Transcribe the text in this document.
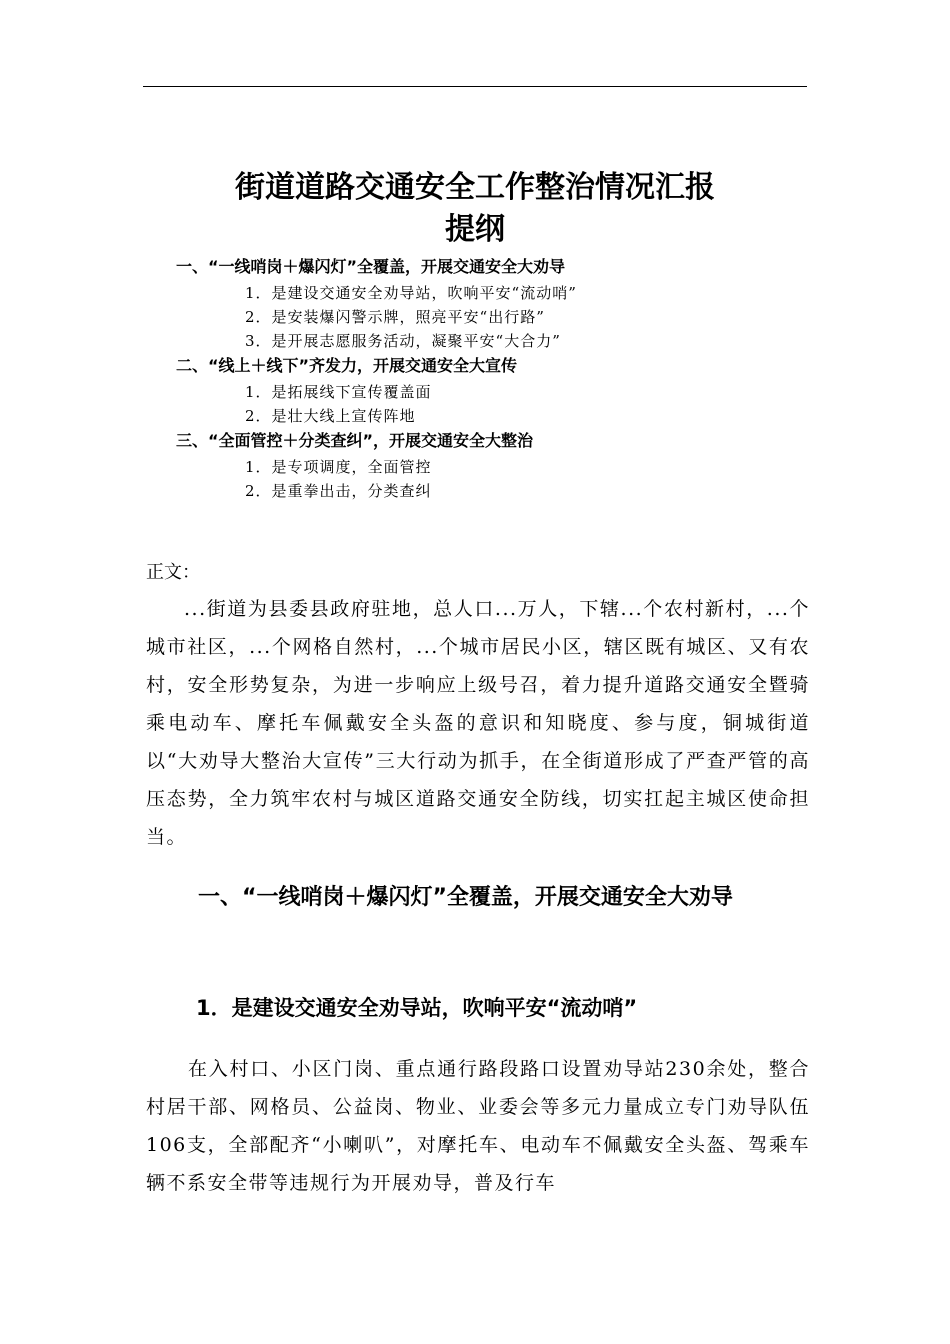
街道道路交通安全工作整治情况汇报
提纲
一、“一线哨岗＋爆闪灯”全覆盖，开展交通安全大劝导
1．是建设交通安全劝导站，吹响平安“流动哨”
2．是安装爆闪警示牌，照亮平安“出行路”
3．是开展志愿服务活动，凝聚平安“大合力”
二、“线上＋线下”齐发力，开展交通安全大宣传
1．是拓展线下宣传覆盖面
2．是壮大线上宣传阵地
三、“全面管控＋分类查纠”，开展交通安全大整治
1．是专项调度，全面管控
2．是重拳出击，分类查纠
正文：
...街道为县委县政府驻地，总人口...万人，下辖...个农村新村，...个城市社区，...个网格自然村，...个城市居民小区，辖区既有城区、又有农村，安全形势复杂，为进一步响应上级号召，着力提升道路交通安全暨骑乘电动车、摩托车佩戴安全头盔的意识和知晓度、参与度，铜城街道以“大劝导大整治大宣传”三大行动为抓手，在全街道形成了严查严管的高压态势，全力筑牢农村与城区道路交通安全防线，切实扛起主城区使命担当。
一、“一线哨岗＋爆闪灯”全覆盖，开展交通安全大劝导
1．是建设交通安全劝导站，吹响平安“流动哨”
在入村口、小区门岗、重点通行路段路口设置劝导站230余处，整合村居干部、网格员、公益岗、物业、业委会等多元力量成立专门劝导队伍106支，全部配齐“小喇叭”，对摩托车、电动车不佩戴安全头盔、驾乘车辆不系安全带等违规行为开展劝导，普及行车
